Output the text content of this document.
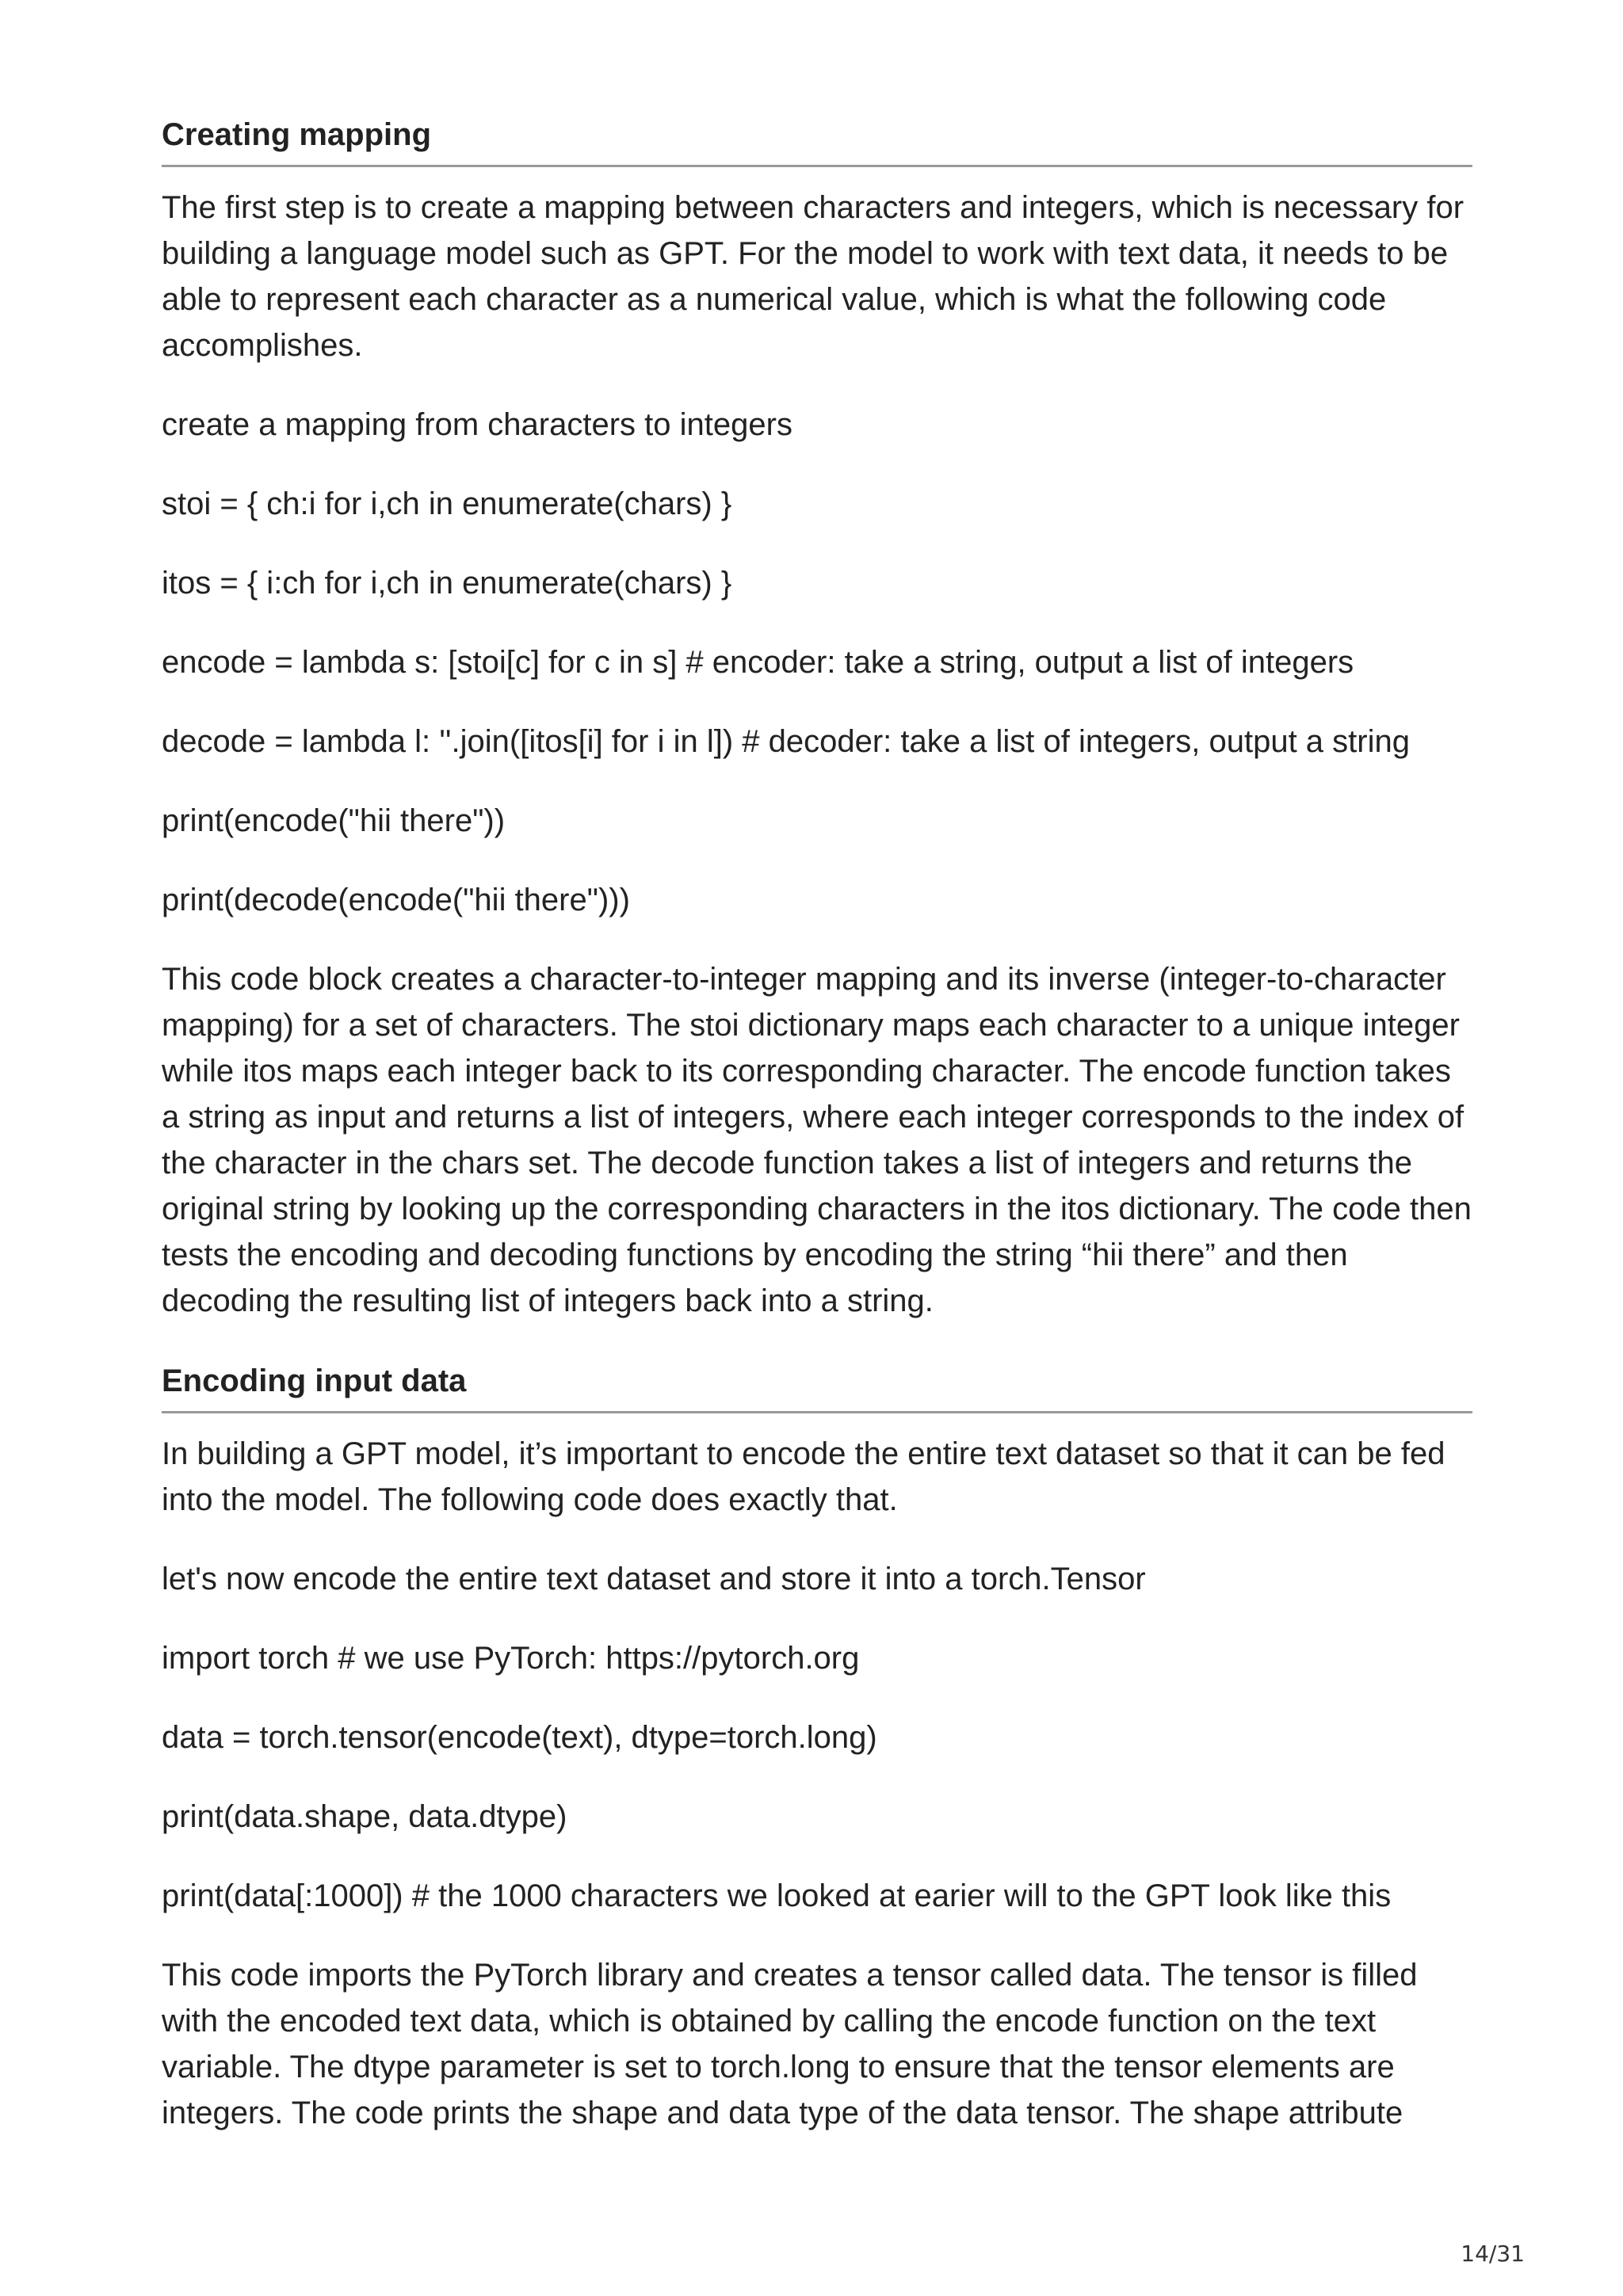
Creating mapping

The first step is to create a mapping between characters and integers, which is necessary for building a language model such as GPT. For the model to work with text data, it needs to be able to represent each character as a numerical value, which is what the following code accomplishes.

create a mapping from characters to integers

stoi = { ch:i for i,ch in enumerate(chars) }

itos = { i:ch for i,ch in enumerate(chars) }

encode = lambda s: [stoi[c] for c in s] # encoder: take a string, output a list of integers

decode = lambda l: ''.join([itos[i] for i in l]) # decoder: take a list of integers, output a string

print(encode("hii there"))

print(decode(encode("hii there")))

This code block creates a character-to-integer mapping and its inverse (integer-to-character mapping) for a set of characters. The stoi dictionary maps each character to a unique integer while itos maps each integer back to its corresponding character. The encode function takes a string as input and returns a list of integers, where each integer corresponds to the index of the character in the chars set. The decode function takes a list of integers and returns the original string by looking up the corresponding characters in the itos dictionary. The code then tests the encoding and decoding functions by encoding the string “hii there” and then decoding the resulting list of integers back into a string.

Encoding input data

In building a GPT model, it’s important to encode the entire text dataset so that it can be fed into the model. The following code does exactly that.

let's now encode the entire text dataset and store it into a torch.Tensor

import torch # we use PyTorch: https://pytorch.org

data = torch.tensor(encode(text), dtype=torch.long)

print(data.shape, data.dtype)

print(data[:1000]) # the 1000 characters we looked at earier will to the GPT look like this

This code imports the PyTorch library and creates a tensor called data. The tensor is filled with the encoded text data, which is obtained by calling the encode function on the text variable. The dtype parameter is set to torch.long to ensure that the tensor elements are integers. The code prints the shape and data type of the data tensor. The shape attribute

14/31
